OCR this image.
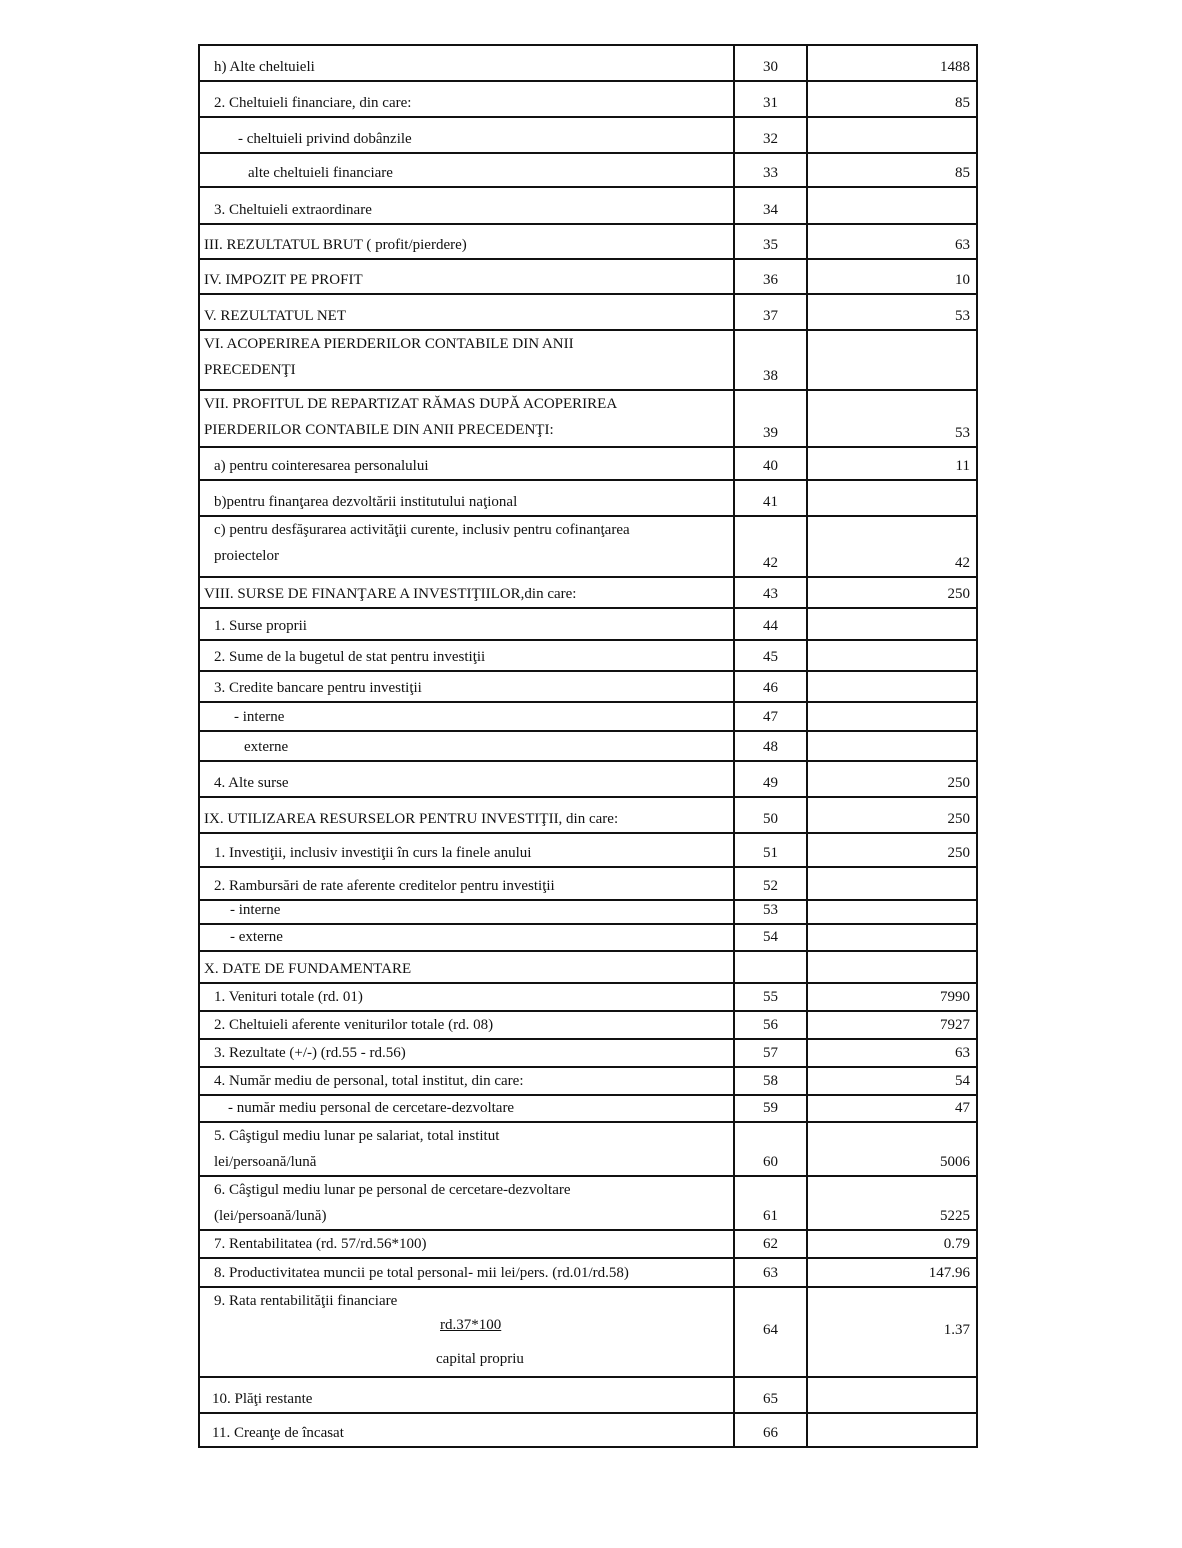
h) Alte cheltuieli	30	1488
2. Cheltuieli financiare, din care:	31	85
- cheltuieli privind dobânzile	32	
alte cheltuieli financiare	33	85
3. Cheltuieli extraordinare	34	
III. REZULTATUL BRUT ( profit/pierdere)	35	63
IV. IMPOZIT PE PROFIT	36	10
V. REZULTATUL NET	37	53

VI. ACOPERIREA PIERDERILOR CONTABILE DIN ANII
PRECEDENŢI	38	

VII. PROFITUL DE REPARTIZAT RĂMAS DUPĂ ACOPERIREA
PIERDERILOR CONTABILE DIN ANII PRECEDENŢI:	39	53
a) pentru cointeresarea personalului	40	11
b)pentru finanţarea dezvoltării institutului naţional	41	

c) pentru desfăşurarea activităţii curente, inclusiv pentru cofinanţarea
proiectelor	42	42
VIII. SURSE DE FINANŢARE A INVESTIŢIILOR,din care:	43	250
1. Surse proprii	44	
2. Sume de la bugetul de stat pentru investiţii	45	
3. Credite bancare pentru investiţii	46	
- interne	47	
externe	48	
4. Alte surse	49	250
IX. UTILIZAREA RESURSELOR PENTRU INVESTIŢII, din care:	50	250
1. Investiţii, inclusiv investiţii în curs la finele anului	51	250
2. Rambursări de rate aferente creditelor pentru investiţii	52	
- interne	53	
- externe	54	
X. DATE DE FUNDAMENTARE		
1. Venituri totale (rd. 01)	55	7990
2. Cheltuieli aferente veniturilor totale (rd. 08)	56	7927
3. Rezultate (+/-) (rd.55 - rd.56)	57	63
4. Număr mediu de personal, total institut, din care:	58	54
- număr mediu personal de cercetare-dezvoltare	59	47

5. Câştigul mediu lunar pe salariat, total institut
lei/persoană/lună	60	5006

6. Câştigul mediu lunar pe personal de cercetare-dezvoltare
(lei/persoană/lună)	61	5225
7. Rentabilitatea (rd. 57/rd.56*100)	62	0.79
8. Productivitatea muncii pe total personal- mii lei/pers. (rd.01/rd.58)	63	147.96
9. Rata rentabilităţii financiare
rd.37*100
capital propriu	64	1.37
10. Plăţi restante	65	
11. Creanţe de încasat	66	
